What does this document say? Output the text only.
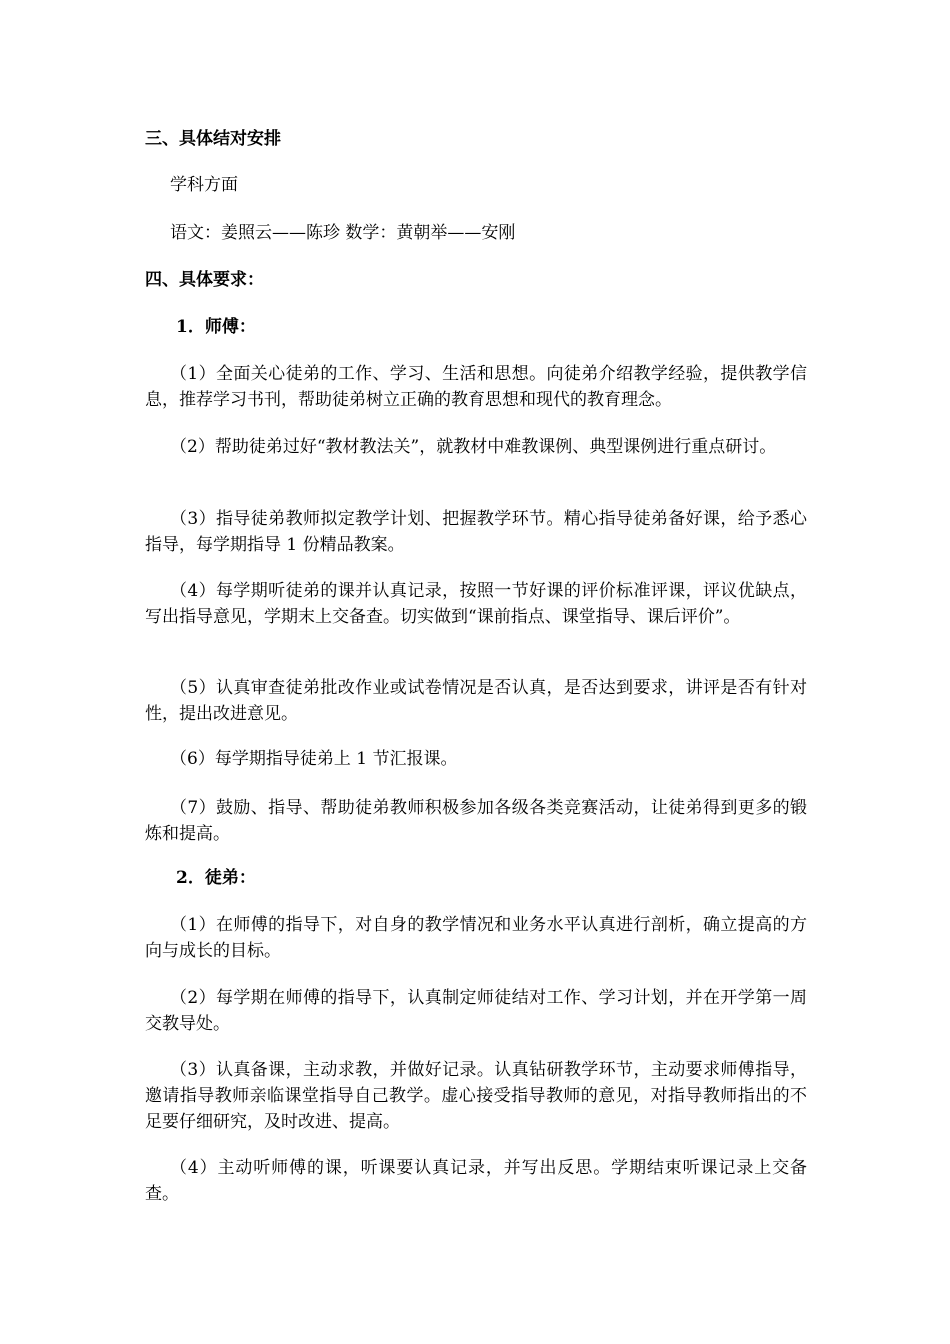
三、具体结对安排
学科方面
语文：姜照云——陈珍 数学：黄朝举——安刚
四、具体要求：
1．师傅：
（1）全面关心徒弟的工作、学习、生活和思想。向徒弟介绍教学经验，提供教学信息，推荐学习书刊，帮助徒弟树立正确的教育思想和现代的教育理念。
（2）帮助徒弟过好“教材教法关”，就教材中难教课例、典型课例进行重点研讨。
（3）指导徒弟教师拟定教学计划、把握教学环节。精心指导徒弟备好课，给予悉心指导，每学期指导 1 份精品教案。
（4）每学期听徒弟的课并认真记录，按照一节好课的评价标准评课，评议优缺点，写出指导意见，学期末上交备查。切实做到“课前指点、课堂指导、课后评价”。
（5）认真审查徒弟批改作业或试卷情况是否认真，是否达到要求，讲评是否有针对性，提出改进意见。
（6）每学期指导徒弟上 1 节汇报课。
（7）鼓励、指导、帮助徒弟教师积极参加各级各类竞赛活动，让徒弟得到更多的锻炼和提高。
2．徒弟：
（1）在师傅的指导下，对自身的教学情况和业务水平认真进行剖析，确立提高的方向与成长的目标。
（2）每学期在师傅的指导下，认真制定师徒结对工作、学习计划，并在开学第一周交教导处。
（3）认真备课，主动求教，并做好记录。认真钻研教学环节，主动要求师傅指导，邀请指导教师亲临课堂指导自己教学。虚心接受指导教师的意见，对指导教师指出的不足要仔细研究，及时改进、提高。
（4）主动听师傅的课，听课要认真记录，并写出反思。学期结束听课记录上交备查。
